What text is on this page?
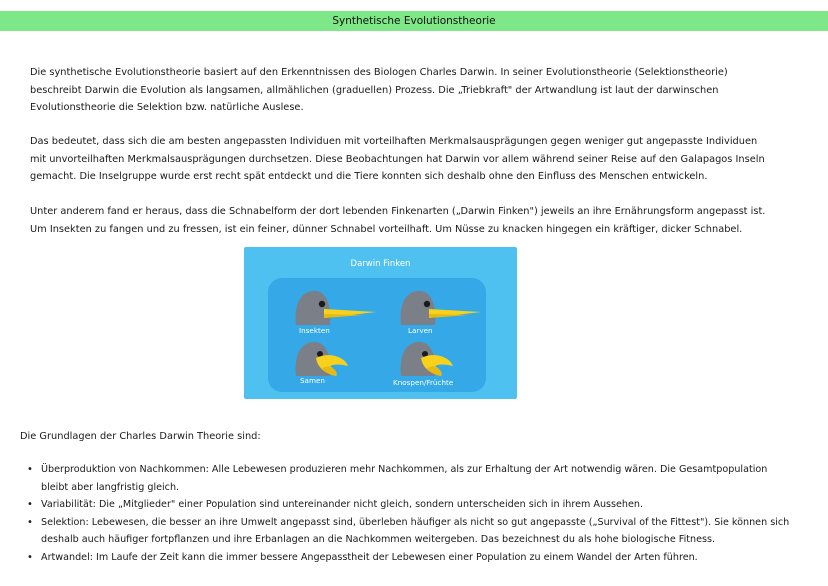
Synthetische Evolutionstheorie

Die synthetische Evolutionstheorie basiert auf den Erkenntnissen des Biologen Charles Darwin. In seiner Evolutionstheorie (Selektionstheorie) beschreibt Darwin die Evolution als langsamen, allmählichen (graduellen) Prozess. Die „Triebkraft" der Artwandlung ist laut der darwinschen Evolutionstheorie die Selektion bzw. natürliche Auslese.

Das bedeutet, dass sich die am besten angepassten Individuen mit vorteilhaften Merkmalsausprägungen gegen weniger gut angepasste Individuen mit unvorteilhaften Merkmalsausprägungen durchsetzen. Diese Beobachtungen hat Darwin vor allem während seiner Reise auf den Galapagos Inseln gemacht. Die Inselgruppe wurde erst recht spät entdeckt und die Tiere konnten sich deshalb ohne den Einfluss des Menschen entwickeln.

Unter anderem fand er heraus, dass die Schnabelform der dort lebenden Finkenarten („Darwin Finken") jeweils an ihre Ernährungsform angepasst ist. Um Insekten zu fangen und zu fressen, ist ein feiner, dünner Schnabel vorteilhaft. Um Nüsse zu knacken hingegen ein kräftiger, dicker Schnabel.

Darwin Finken
Insekten	Larven
Samen	Knospen/Früchte

Die Grundlagen der Charles Darwin Theorie sind:

• Überproduktion von Nachkommen: Alle Lebewesen produzieren mehr Nachkommen, als zur Erhaltung der Art notwendig wären. Die Gesamtpopulation bleibt aber langfristig gleich.
• Variabilität: Die „Mitglieder" einer Population sind untereinander nicht gleich, sondern unterscheiden sich in ihrem Aussehen.
• Selektion: Lebewesen, die besser an ihre Umwelt angepasst sind, überleben häufiger als nicht so gut angepasste („Survival of the Fittest"). Sie können sich deshalb auch häufiger fortpflanzen und ihre Erbanlagen an die Nachkommen weitergeben. Das bezeichnest du als hohe biologische Fitness.
• Artwandel: Im Laufe der Zeit kann die immer bessere Angepasstheit der Lebewesen einer Population zu einem Wandel der Arten führen.
